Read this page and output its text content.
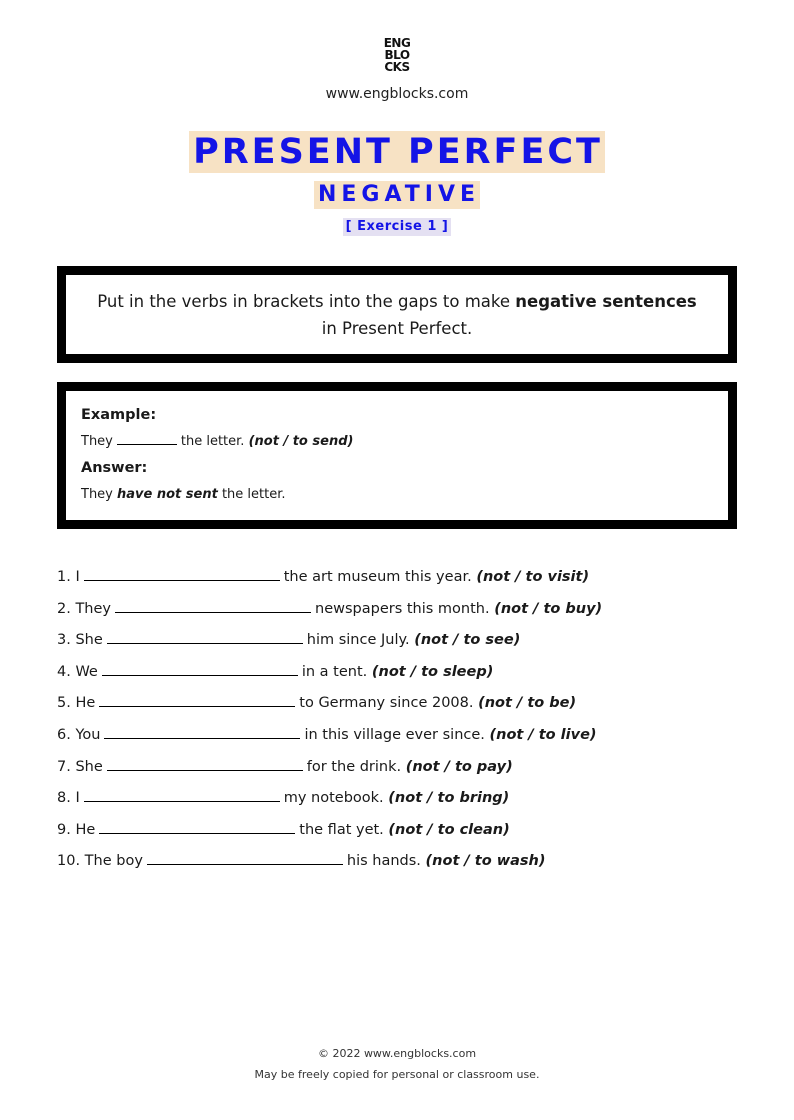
ENG
BLO
CKS
www.engblocks.com
PRESENT PERFECT
NEGATIVE
[ Exercise 1 ]
Put in the verbs in brackets into the gaps to make negative sentences
in Present Perfect.
Example:
They	the letter. (not / to send)
Answer:
They have not sent the letter.
1. I	the art museum this year. (not / to visit)
2. They	newspapers this month. (not / to buy)
3. She	him since July. (not / to see)
4. We	in a tent. (not / to sleep)
5. He	to Germany since 2008. (not / to be)
6. You	in this village ever since. (not / to live)
7. She	for the drink. (not / to pay)
8. I	my notebook. (not / to bring)
9. He	the flat yet. (not / to clean)
10. The boy	his hands. (not / to wash)
© 2022 www.engblocks.com
May be freely copied for personal or classroom use.
